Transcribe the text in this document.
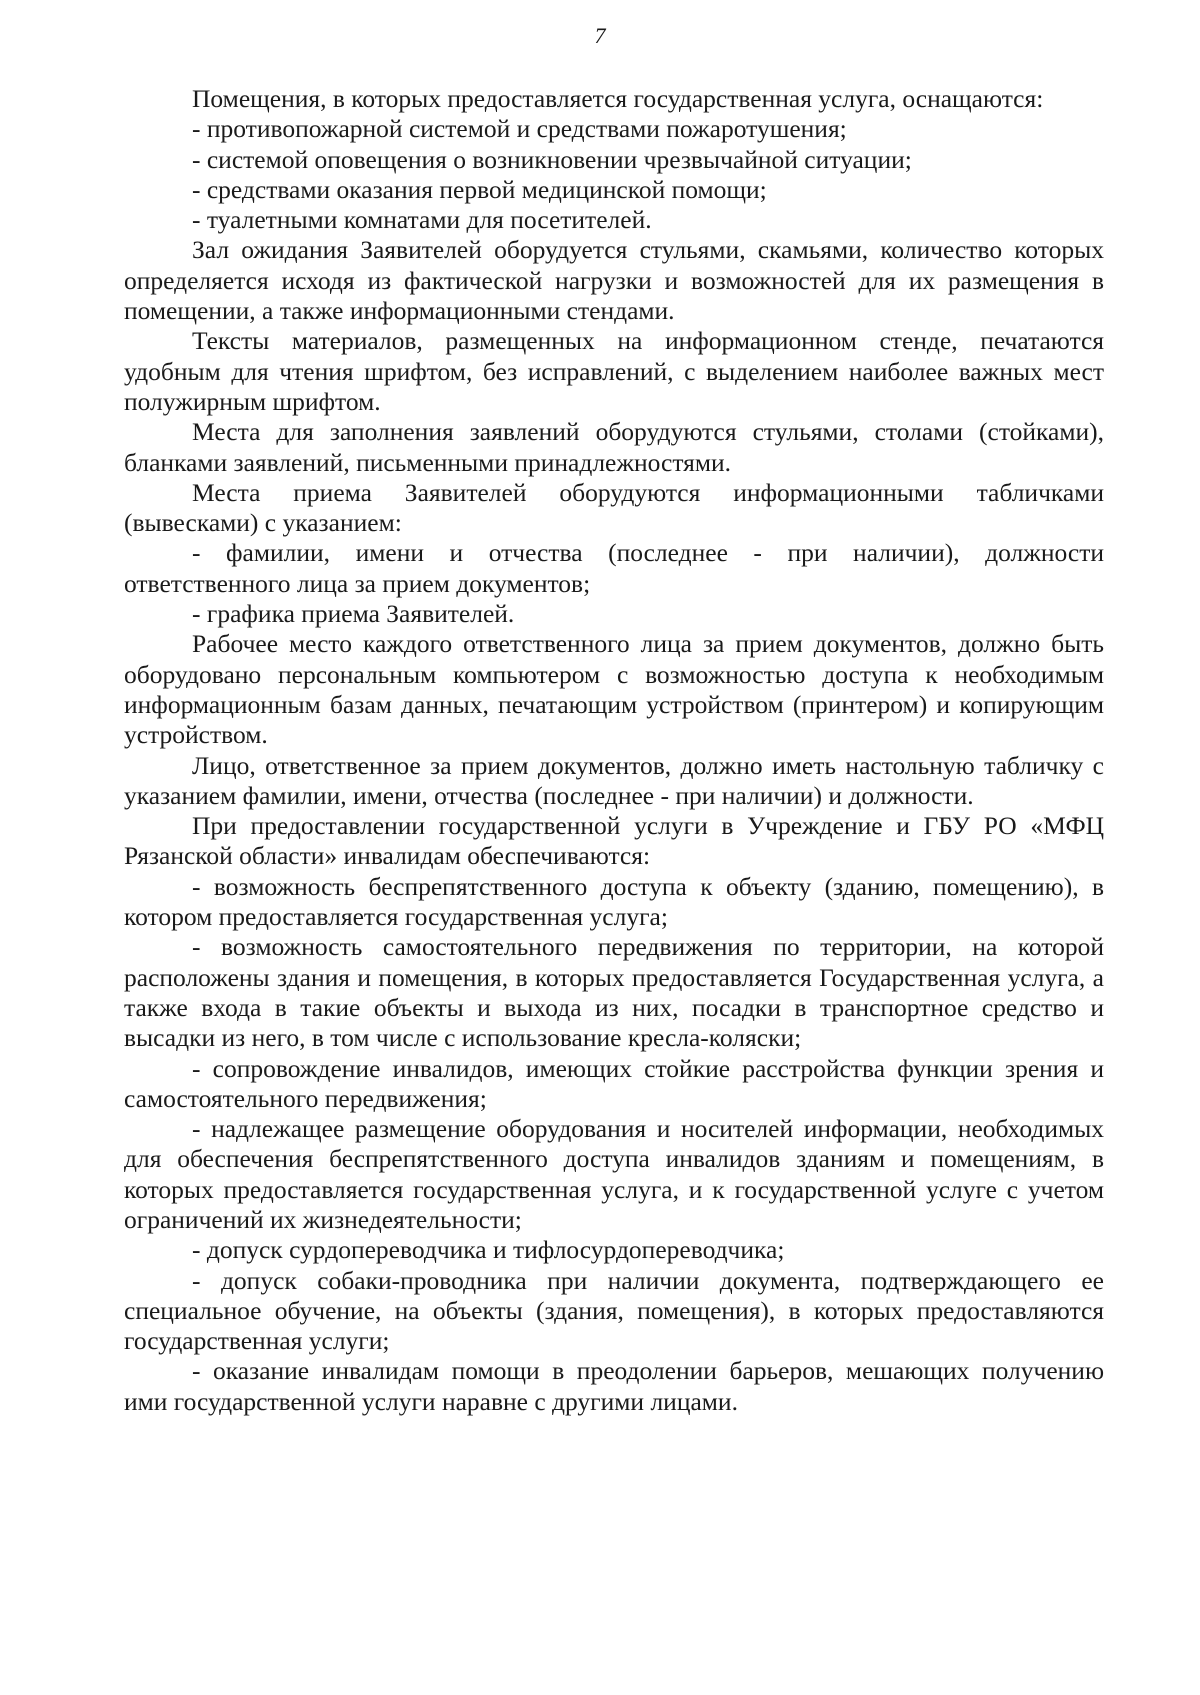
7

Помещения, в которых предоставляется государственная услуга, оснащаются:

- противопожарной системой и средствами пожаротушения;

- системой оповещения о возникновении чрезвычайной ситуации;

- средствами оказания первой медицинской помощи;

- туалетными комнатами для посетителей.

Зал ожидания Заявителей оборудуется стульями, скамьями, количество которых определяется исходя из фактической нагрузки и возможностей для их размещения в помещении, а также информационными стендами.

Тексты материалов, размещенных на информационном стенде, печатаются удобным для чтения шрифтом, без исправлений, с выделением наиболее важных мест полужирным шрифтом.

Места для заполнения заявлений оборудуются стульями, столами (стойками), бланками заявлений, письменными принадлежностями.

Места приема Заявителей оборудуются информационными табличками (вывесками) с указанием:

- фамилии, имени и отчества (последнее - при наличии), должности ответственного лица за прием документов;

- графика приема Заявителей.

Рабочее место каждого ответственного лица за прием документов, должно быть оборудовано персональным компьютером с возможностью доступа к необходимым информационным базам данных, печатающим устройством (принтером) и копирующим устройством.

Лицо, ответственное за прием документов, должно иметь настольную табличку с указанием фамилии, имени, отчества (последнее - при наличии) и должности.

При предоставлении государственной услуги в Учреждение и ГБУ РО «МФЦ Рязанской области» инвалидам обеспечиваются:

- возможность беспрепятственного доступа к объекту (зданию, помещению), в котором предоставляется государственная услуга;

- возможность самостоятельного передвижения по территории, на которой расположены здания и помещения, в которых предоставляется Государственная услуга, а также входа в такие объекты и выхода из них, посадки в транспортное средство и высадки из него, в том числе с использование кресла-коляски;

- сопровождение инвалидов, имеющих стойкие расстройства функции зрения и самостоятельного передвижения;

- надлежащее размещение оборудования и носителей информации, необходимых для обеспечения беспрепятственного доступа инвалидов зданиям и помещениям, в которых предоставляется государственная услуга, и к государственной услуге с учетом ограничений их жизнедеятельности;

- допуск сурдопереводчика и тифлосурдопереводчика;

- допуск собаки-проводника при наличии документа, подтверждающего ее специальное обучение, на объекты (здания, помещения), в которых предоставляются государственная услуги;

- оказание инвалидам помощи в преодолении барьеров, мешающих получению ими государственной услуги наравне с другими лицами.
